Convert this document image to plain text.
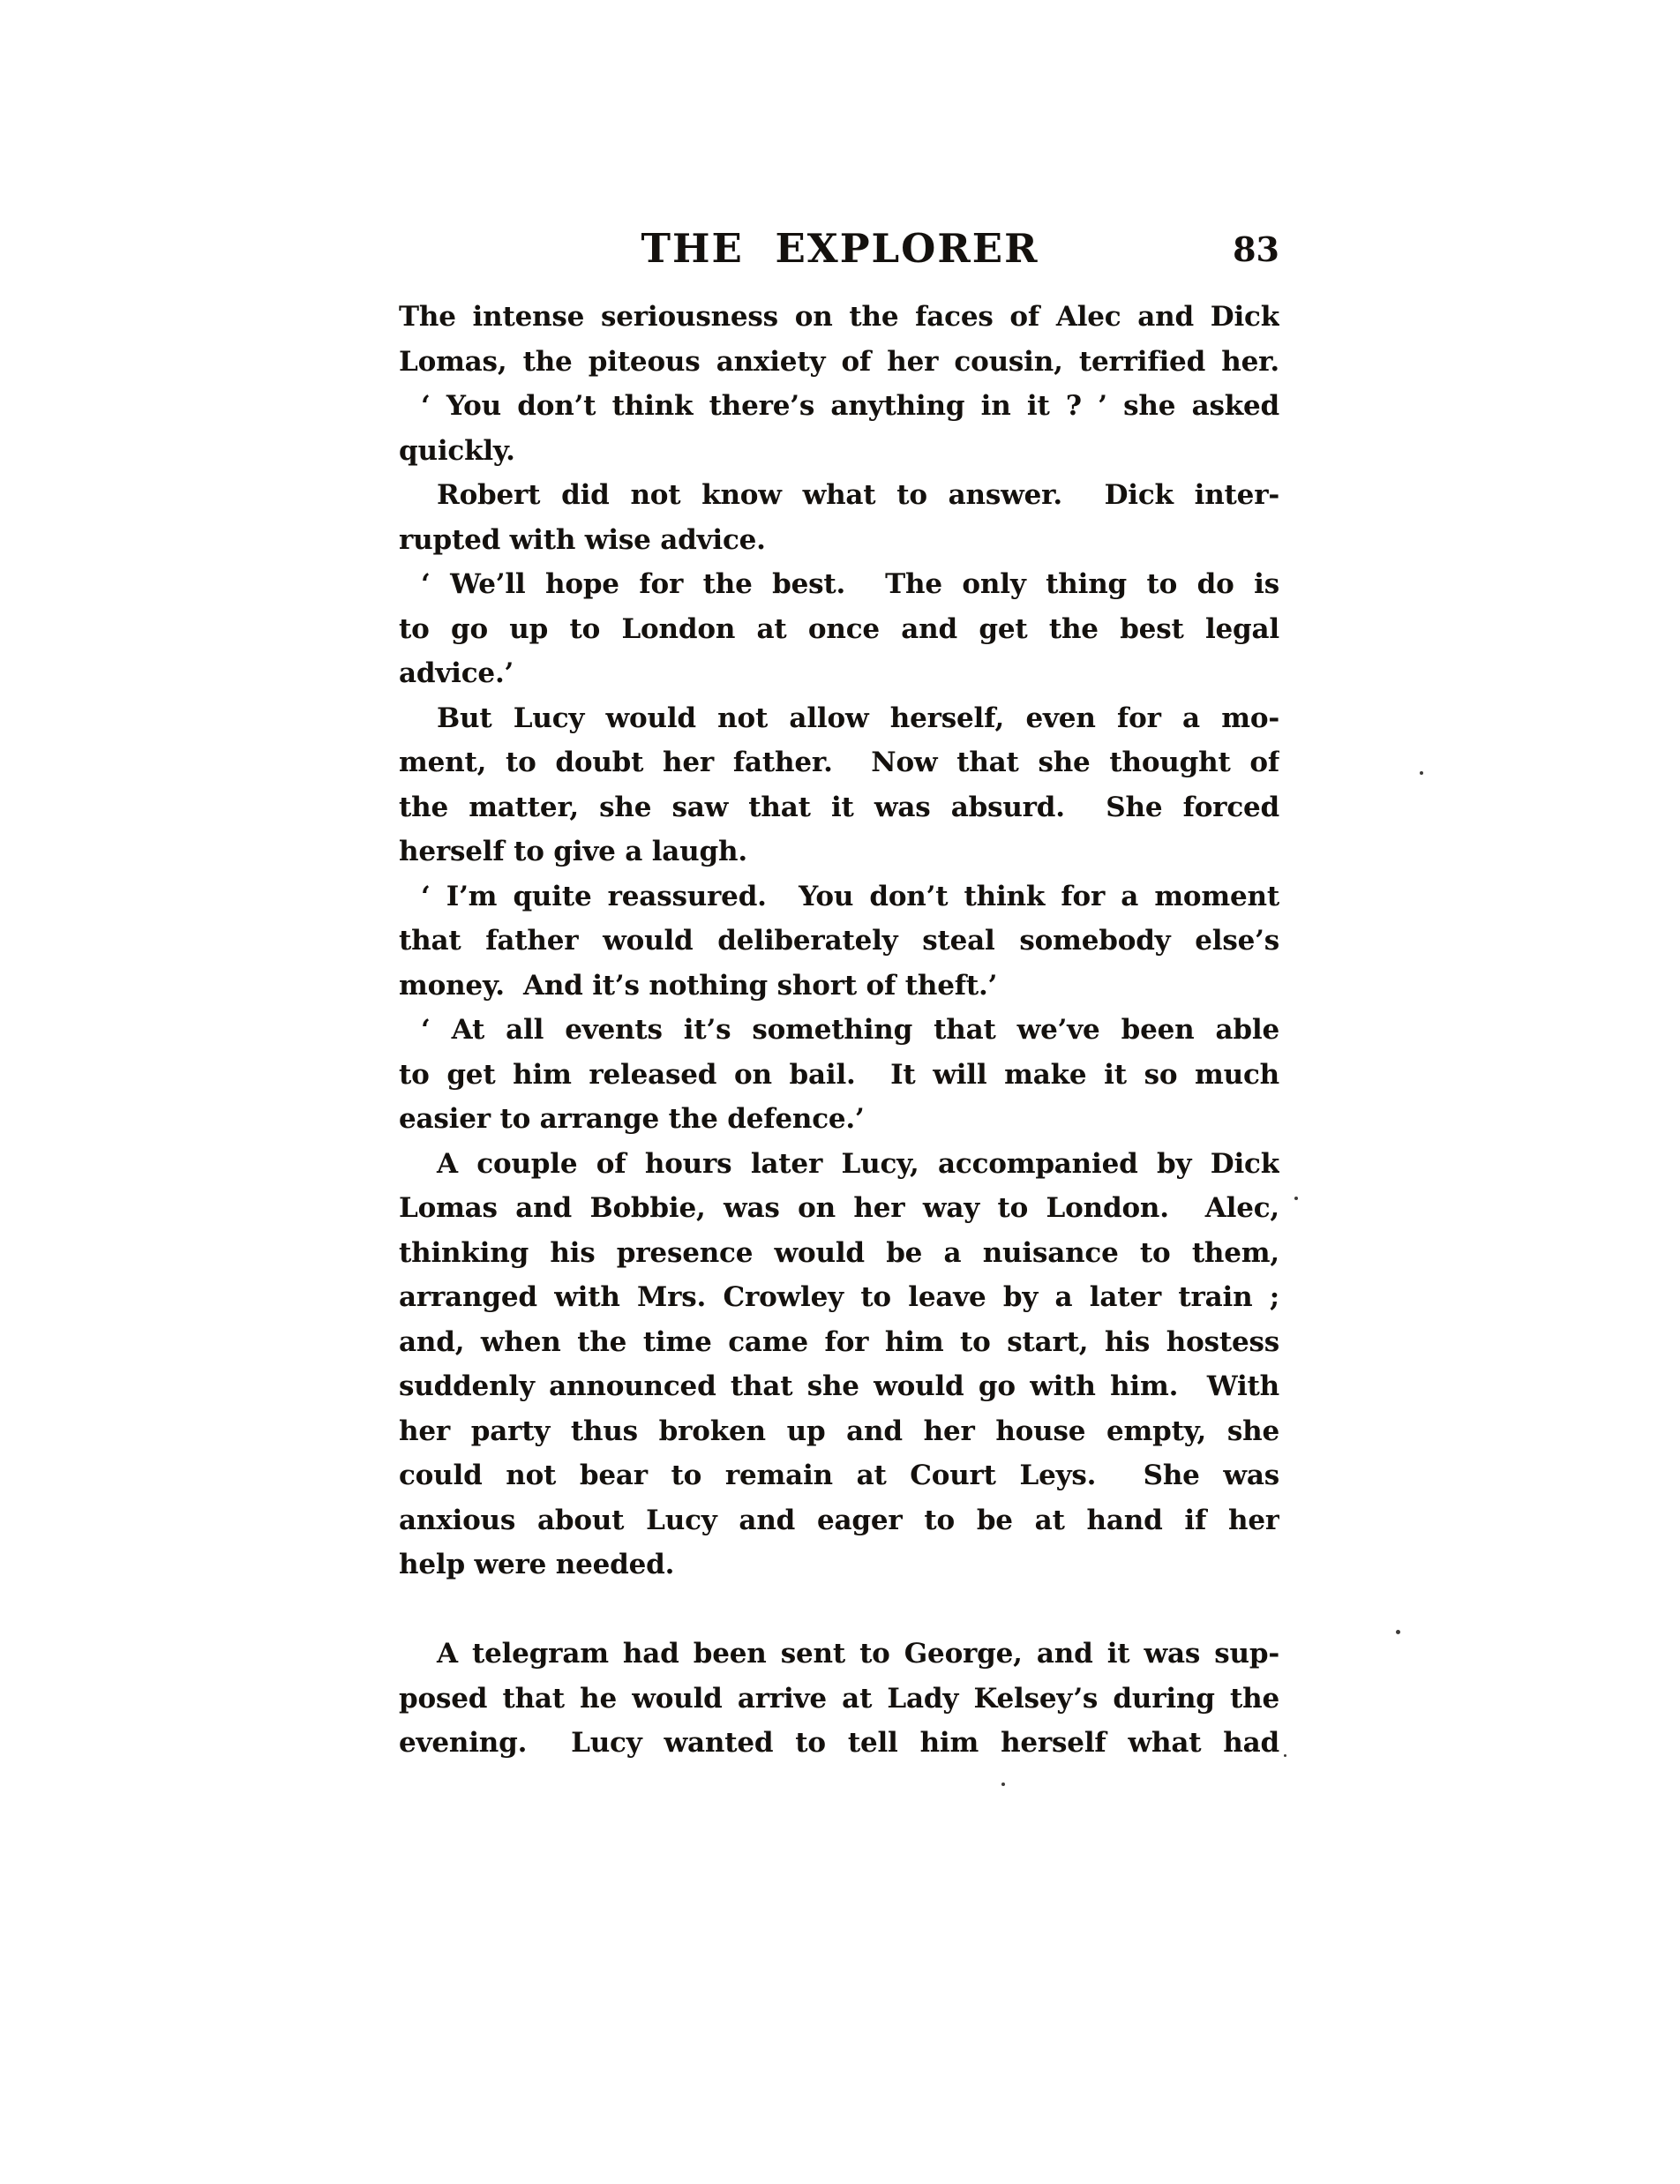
THE EXPLORER	83
The intense seriousness on the faces of Alec and Dick
Lomas, the piteous anxiety of her cousin, terrified her.
‘ You don’t think there’s anything in it ? ’ she asked
quickly.
Robert did not know what to answer.  Dick inter-
rupted with wise advice.
‘ We’ll hope for the best.  The only thing to do is
to go up to London at once and get the best legal
advice.’
But Lucy would not allow herself, even for a mo-
ment, to doubt her father.  Now that she thought of
the matter, she saw that it was absurd.  She forced
herself to give a laugh.
‘ I’m quite reassured.  You don’t think for a moment
that father would deliberately steal somebody else’s
money.  And it’s nothing short of theft.’
‘ At all events it’s something that we’ve been able
to get him released on bail.  It will make it so much
easier to arrange the defence.’
A couple of hours later Lucy, accompanied by Dick
Lomas and Bobbie, was on her way to London.  Alec,
thinking his presence would be a nuisance to them,
arranged with Mrs. Crowley to leave by a later train ;
and, when the time came for him to start, his hostess
suddenly announced that she would go with him.  With
her party thus broken up and her house empty, she
could not bear to remain at Court Leys.  She was
anxious about Lucy and eager to be at hand if her
help were needed.
A telegram had been sent to George, and it was sup-
posed that he would arrive at Lady Kelsey’s during the
evening.  Lucy wanted to tell him herself what had
